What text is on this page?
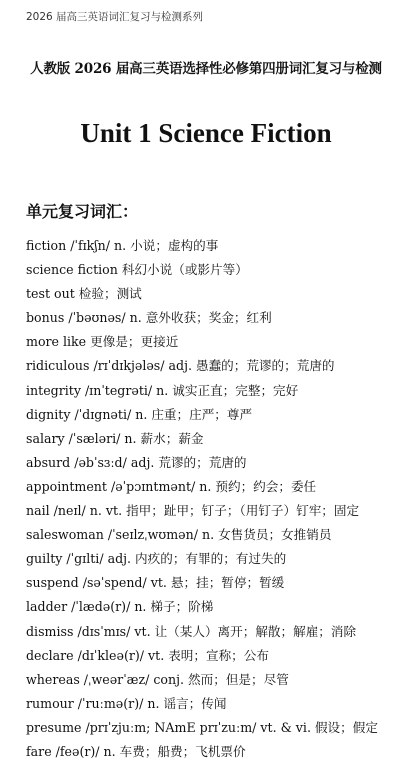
2026 届高三英语词汇复习与检测系列
人教版 2026 届高三英语选择性必修第四册词汇复习与检测
Unit 1 Science Fiction
单元复习词汇：
fiction /ˈfɪkʃn/ n. 小说；虚构的事
science fiction 科幻小说（或影片等）
test out 检验；测试
bonus /ˈbəʊnəs/ n. 意外收获；奖金；红利
more like 更像是；更接近
ridiculous /rɪˈdɪkjələs/ adj. 愚蠢的；荒谬的；荒唐的
integrity /ɪnˈtegrəti/ n. 诚实正直；完整；完好
dignity /ˈdɪgnəti/ n. 庄重；庄严；尊严
salary /ˈsæləri/ n. 薪水；薪金
absurd /əbˈsɜːd/ adj. 荒谬的；荒唐的
appointment /əˈpɔɪntmənt/ n. 预约；约会；委任
nail /neɪl/ n. vt. 指甲；趾甲；钉子；（用钉子）钉牢；固定
saleswoman /ˈseɪlzˌwʊmən/ n. 女售货员；女推销员
guilty /ˈgɪlti/ adj. 内疚的；有罪的；有过失的
suspend /səˈspend/ vt. 悬；挂；暂停；暂缓
ladder /ˈlædə(r)/ n. 梯子；阶梯
dismiss /dɪsˈmɪs/ vt. 让（某人）离开；解散；解雇；消除
declare /dɪˈkleə(r)/ vt. 表明；宣称；公布
whereas /ˌweərˈæz/ conj. 然而；但是；尽管
rumour /ˈruːmə(r)/ n. 谣言；传闻
presume /prɪˈzjuːm; NAmE prɪˈzuːm/ vt. & vi. 假设；假定
fare /feə(r)/ n. 车费；船费；飞机票价
